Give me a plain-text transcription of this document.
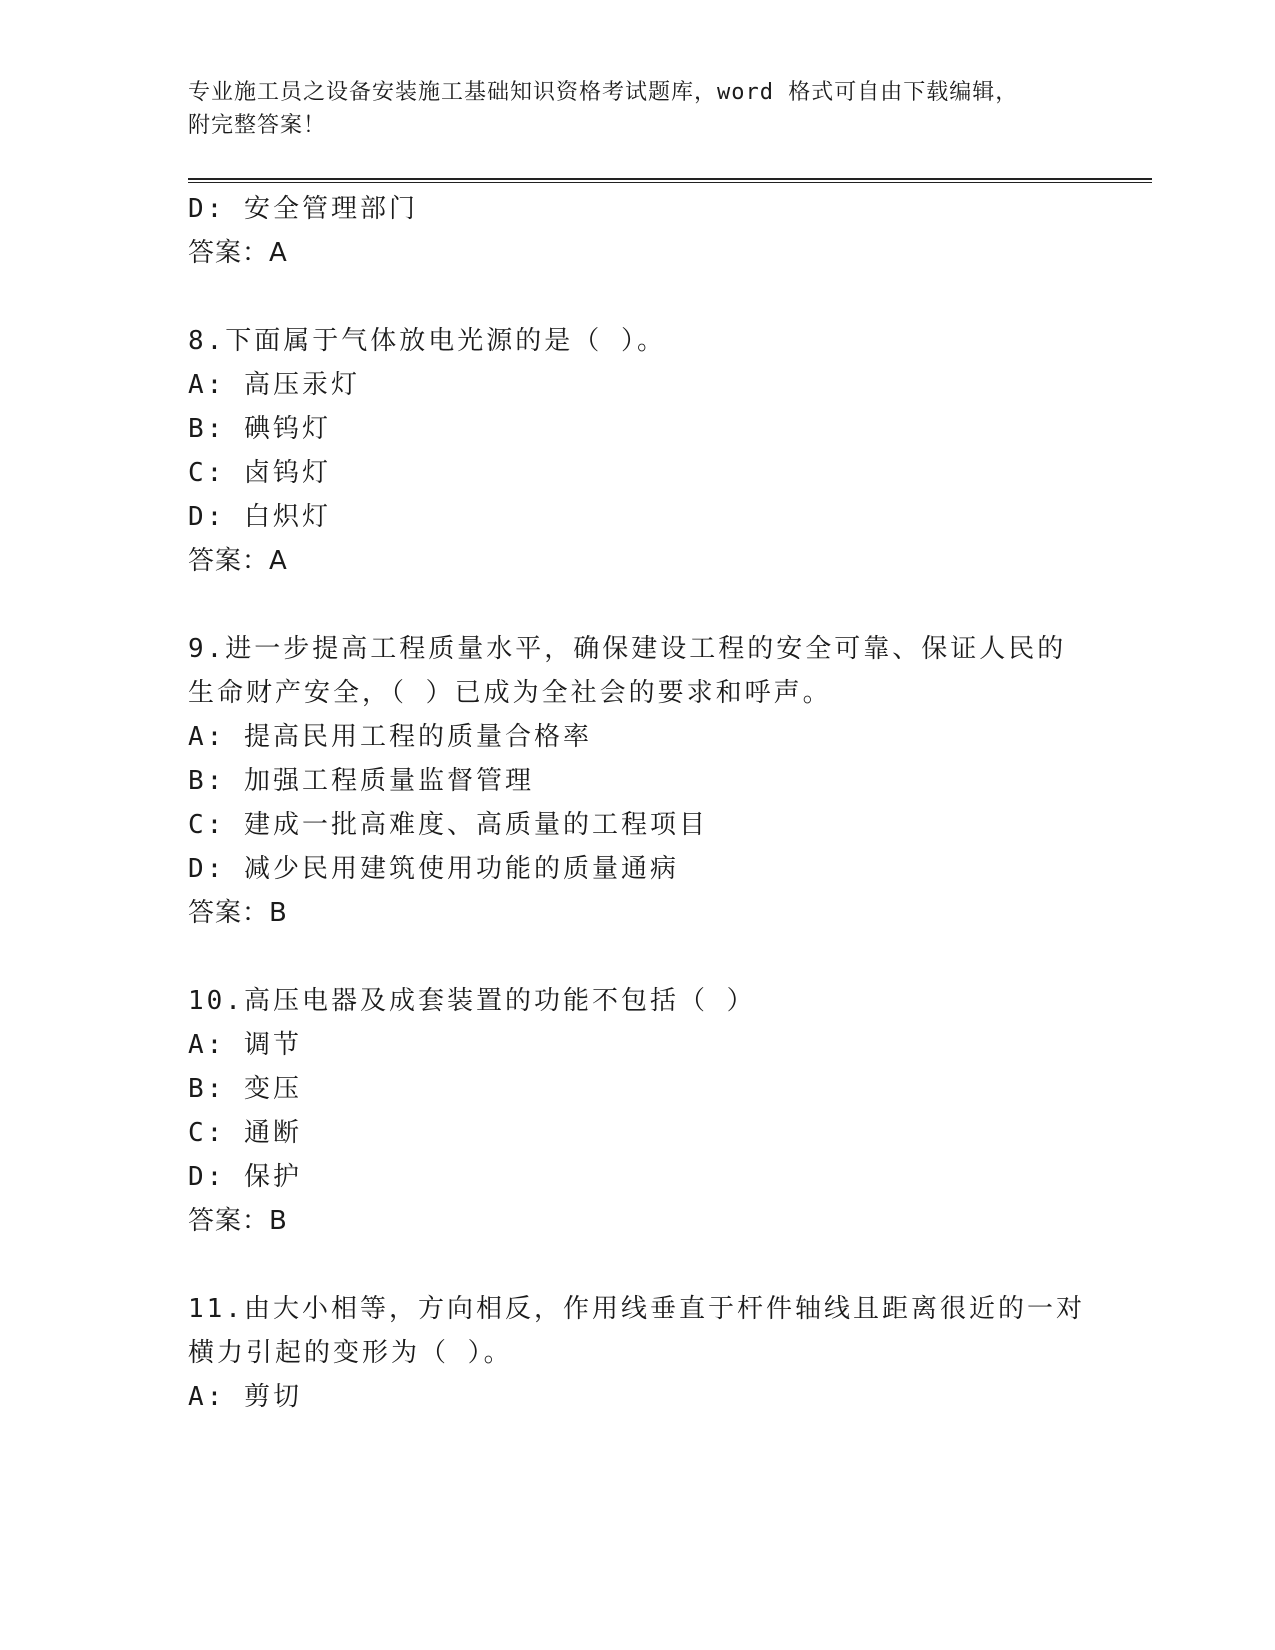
专业施工员之设备安装施工基础知识资格考试题库，word 格式可自由下载编辑，
附完整答案！
D: 安全管理部门
答案：A
8.下面属于气体放电光源的是（ ）。
A: 高压汞灯
B: 碘钨灯
C: 卤钨灯
D: 白炽灯
答案：A
9.进一步提高工程质量水平，确保建设工程的安全可靠、保证人民的
生命财产安全，（ ）已成为全社会的要求和呼声。
A: 提高民用工程的质量合格率
B: 加强工程质量监督管理
C: 建成一批高难度、高质量的工程项目
D: 减少民用建筑使用功能的质量通病
答案：B
10.高压电器及成套装置的功能不包括（ ）
A: 调节
B: 变压
C: 通断
D: 保护
答案：B
11.由大小相等，方向相反，作用线垂直于杆件轴线且距离很近的一对
横力引起的变形为（ ）。
A: 剪切
